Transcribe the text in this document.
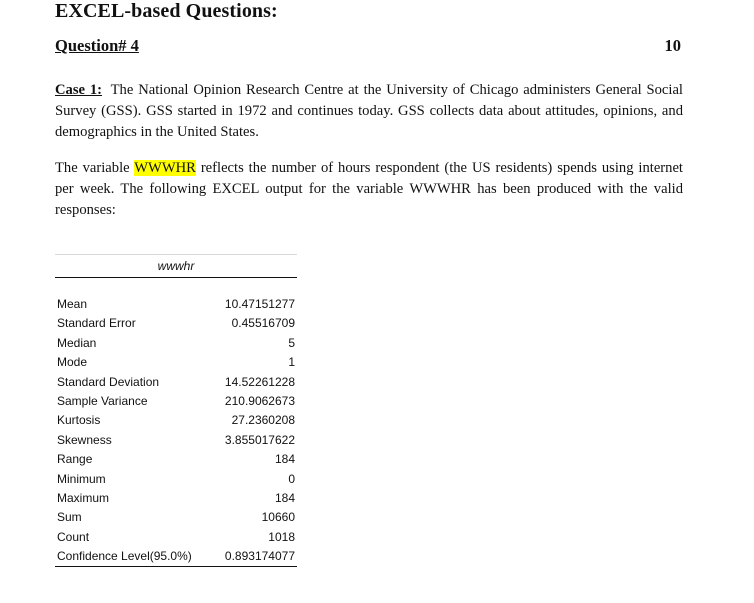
EXCEL-based Questions:
Question# 4	10
Case 1: The National Opinion Research Centre at the University of Chicago administers General Social Survey (GSS). GSS started in 1972 and continues today. GSS collects data about attitudes, opinions, and demographics in the United States.
The variable WWWHR reflects the number of hours respondent (the US residents) spends using internet per week. The following EXCEL output for the variable WWWHR has been produced with the valid responses:
wwwhr
Mean	10.47151277
Standard Error	0.45516709
Median	5
Mode	1
Standard Deviation	14.52261228
Sample Variance	210.9062673
Kurtosis	27.2360208
Skewness	3.855017622
Range	184
Minimum	0
Maximum	184
Sum	10660
Count	1018
Confidence Level(95.0%)	0.893174077
